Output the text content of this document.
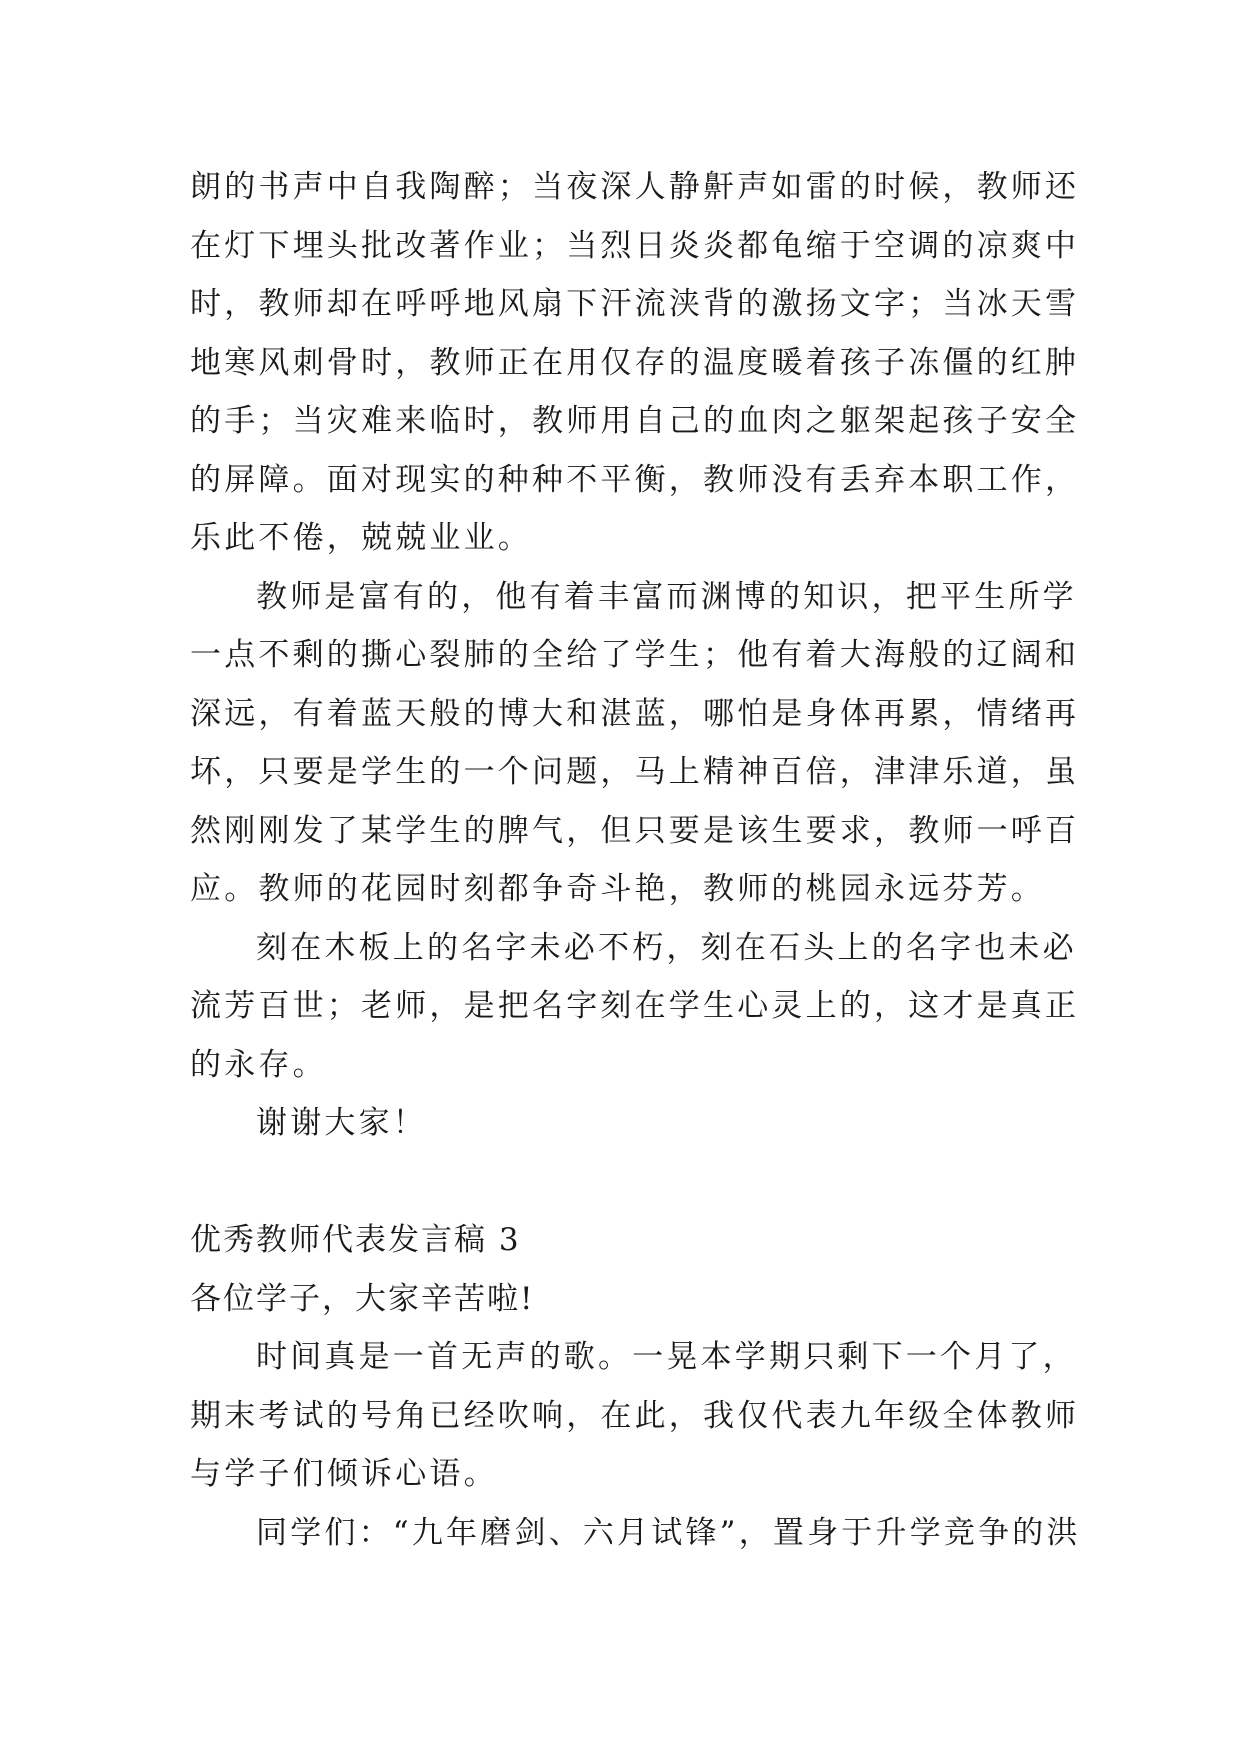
朗的书声中自我陶醉；当夜深人静鼾声如雷的时候，教师还
在灯下埋头批改著作业；当烈日炎炎都龟缩于空调的凉爽中
时，教师却在呼呼地风扇下汗流浃背的激扬文字；当冰天雪
地寒风刺骨时，教师正在用仅存的温度暖着孩子冻僵的红肿
的手；当灾难来临时，教师用自己的血肉之躯架起孩子安全
的屏障。面对现实的种种不平衡，教师没有丢弃本职工作，
乐此不倦，兢兢业业。
教师是富有的，他有着丰富而渊博的知识，把平生所学
一点不剩的撕心裂肺的全给了学生；他有着大海般的辽阔和
深远，有着蓝天般的博大和湛蓝，哪怕是身体再累，情绪再
坏，只要是学生的一个问题，马上精神百倍，津津乐道，虽
然刚刚发了某学生的脾气，但只要是该生要求，教师一呼百
应。教师的花园时刻都争奇斗艳，教师的桃园永远芬芳。
刻在木板上的名字未必不朽，刻在石头上的名字也未必
流芳百世；老师，是把名字刻在学生心灵上的，这才是真正
的永存。
谢谢大家！
优秀教师代表发言稿 3
各位学子，大家辛苦啦!
时间真是一首无声的歌。一晃本学期只剩下一个月了，
期末考试的号角已经吹响，在此，我仅代表九年级全体教师
与学子们倾诉心语。
同学们：“九年磨剑、六月试锋”，置身于升学竞争的洪
